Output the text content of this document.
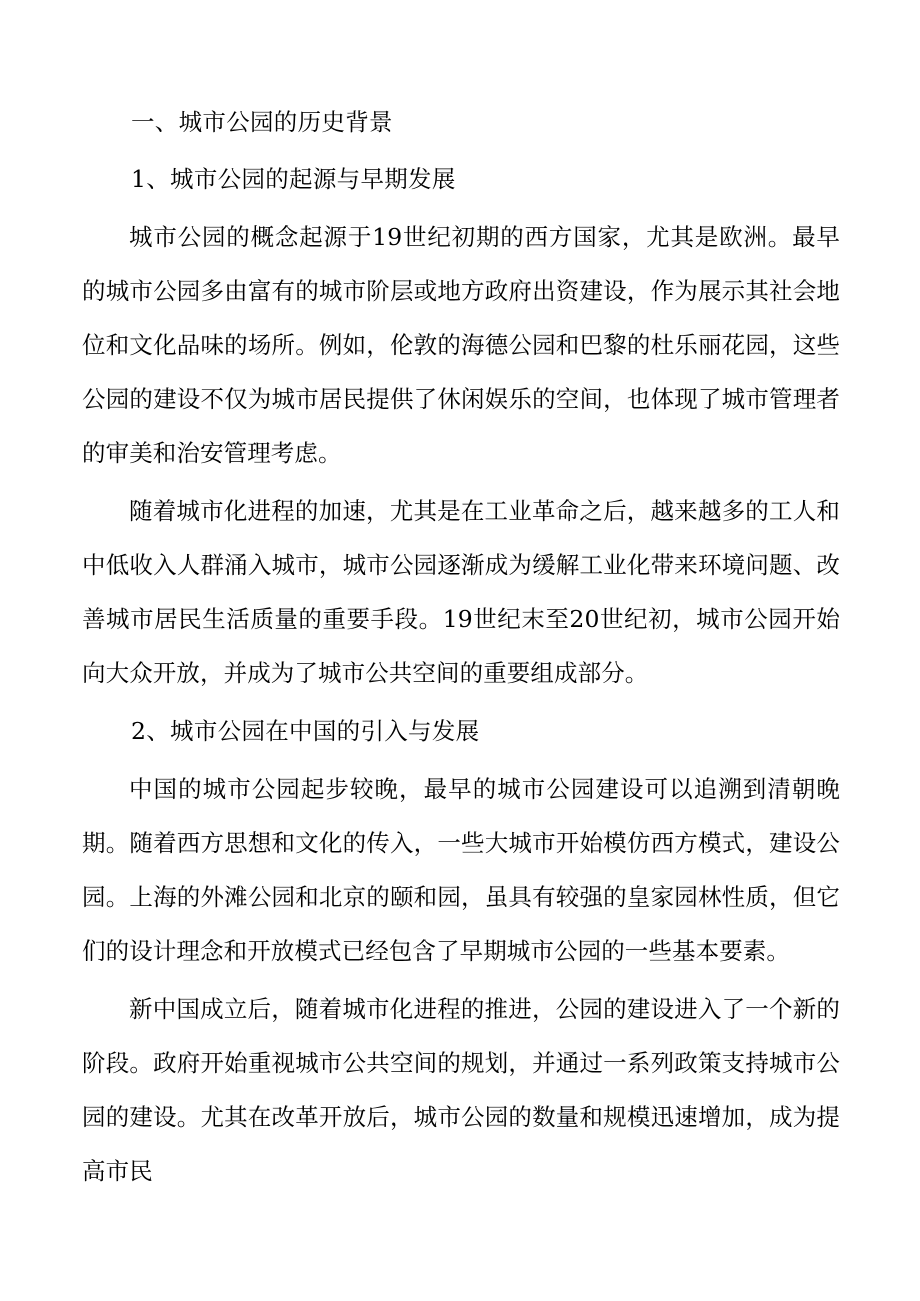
一、城市公园的历史背景
1、城市公园的起源与早期发展

城市公园的概念起源于19世纪初期的西方国家，尤其是欧洲。最早的城市公园多由富有的城市阶层或地方政府出资建设，作为展示其社会地位和文化品味的场所。例如，伦敦的海德公园和巴黎的杜乐丽花园，这些公园的建设不仅为城市居民提供了休闲娱乐的空间，也体现了城市管理者的审美和治安管理考虑。

随着城市化进程的加速，尤其是在工业革命之后，越来越多的工人和中低收入人群涌入城市，城市公园逐渐成为缓解工业化带来环境问题、改善城市居民生活质量的重要手段。19世纪末至20世纪初，城市公园开始向大众开放，并成为了城市公共空间的重要组成部分。

2、城市公园在中国的引入与发展

中国的城市公园起步较晚，最早的城市公园建设可以追溯到清朝晚期。随着西方思想和文化的传入，一些大城市开始模仿西方模式，建设公园。上海的外滩公园和北京的颐和园，虽具有较强的皇家园林性质，但它们的设计理念和开放模式已经包含了早期城市公园的一些基本要素。

新中国成立后，随着城市化进程的推进，公园的建设进入了一个新的阶段。政府开始重视城市公共空间的规划，并通过一系列政策支持城市公园的建设。尤其在改革开放后，城市公园的数量和规模迅速增加，成为提高市民
